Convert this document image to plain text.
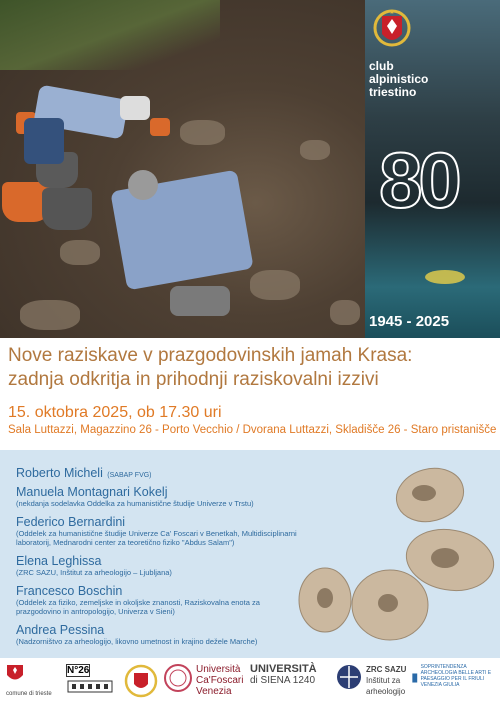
★
club
alpinistico
triestino
80
1945 - 2025
Nove raziskave v prazgodovinskih jamah Krasa:
zadnja odkritja in prihodnji raziskovalni izzivi
15. oktobra 2025, ob 17.30 uri
Sala Luttazzi, Magazzino 26 - Porto Vecchio / Dvorana Luttazzi, Skladišče 26 - Staro pristanišče
Roberto Micheli (SABAP FVG)
Manuela Montagnari Kokelj
(nekdanja sodelavka Oddelka za humanistične študije Univerze v Trstu)
Federico Bernardini
(Oddelek za humanistične študije Univerze Ca' Foscari v Benetkah, Multidisciplinarni laboratorij, Mednarodni center za teoretično fiziko "Abdus Salam")
Elena Leghissa
(ZRC SAZU, Inštitut za arheologijo – Ljubljana)
Francesco Boschin
(Oddelek za fiziko, zemeljske in okoljske znanosti, Raziskovalna enota za prazgodovino in antropologijo, Univerza v Sieni)
Andrea Pessina
(Nadzorništvo za arheologijo, likovno umetnost in krajino dežele Marche)
comune di trieste
N°26	Università
Ca'Foscari
Venezia
UNIVERSITÀ
di SIENA 1240
ZRC SAZU
Inštitut za
arheologijo
SOPRINTENDENZA ARCHEOLOGIA BELLE ARTI E PAESAGGIO PER IL FRIULI VENEZIA GIULIA
